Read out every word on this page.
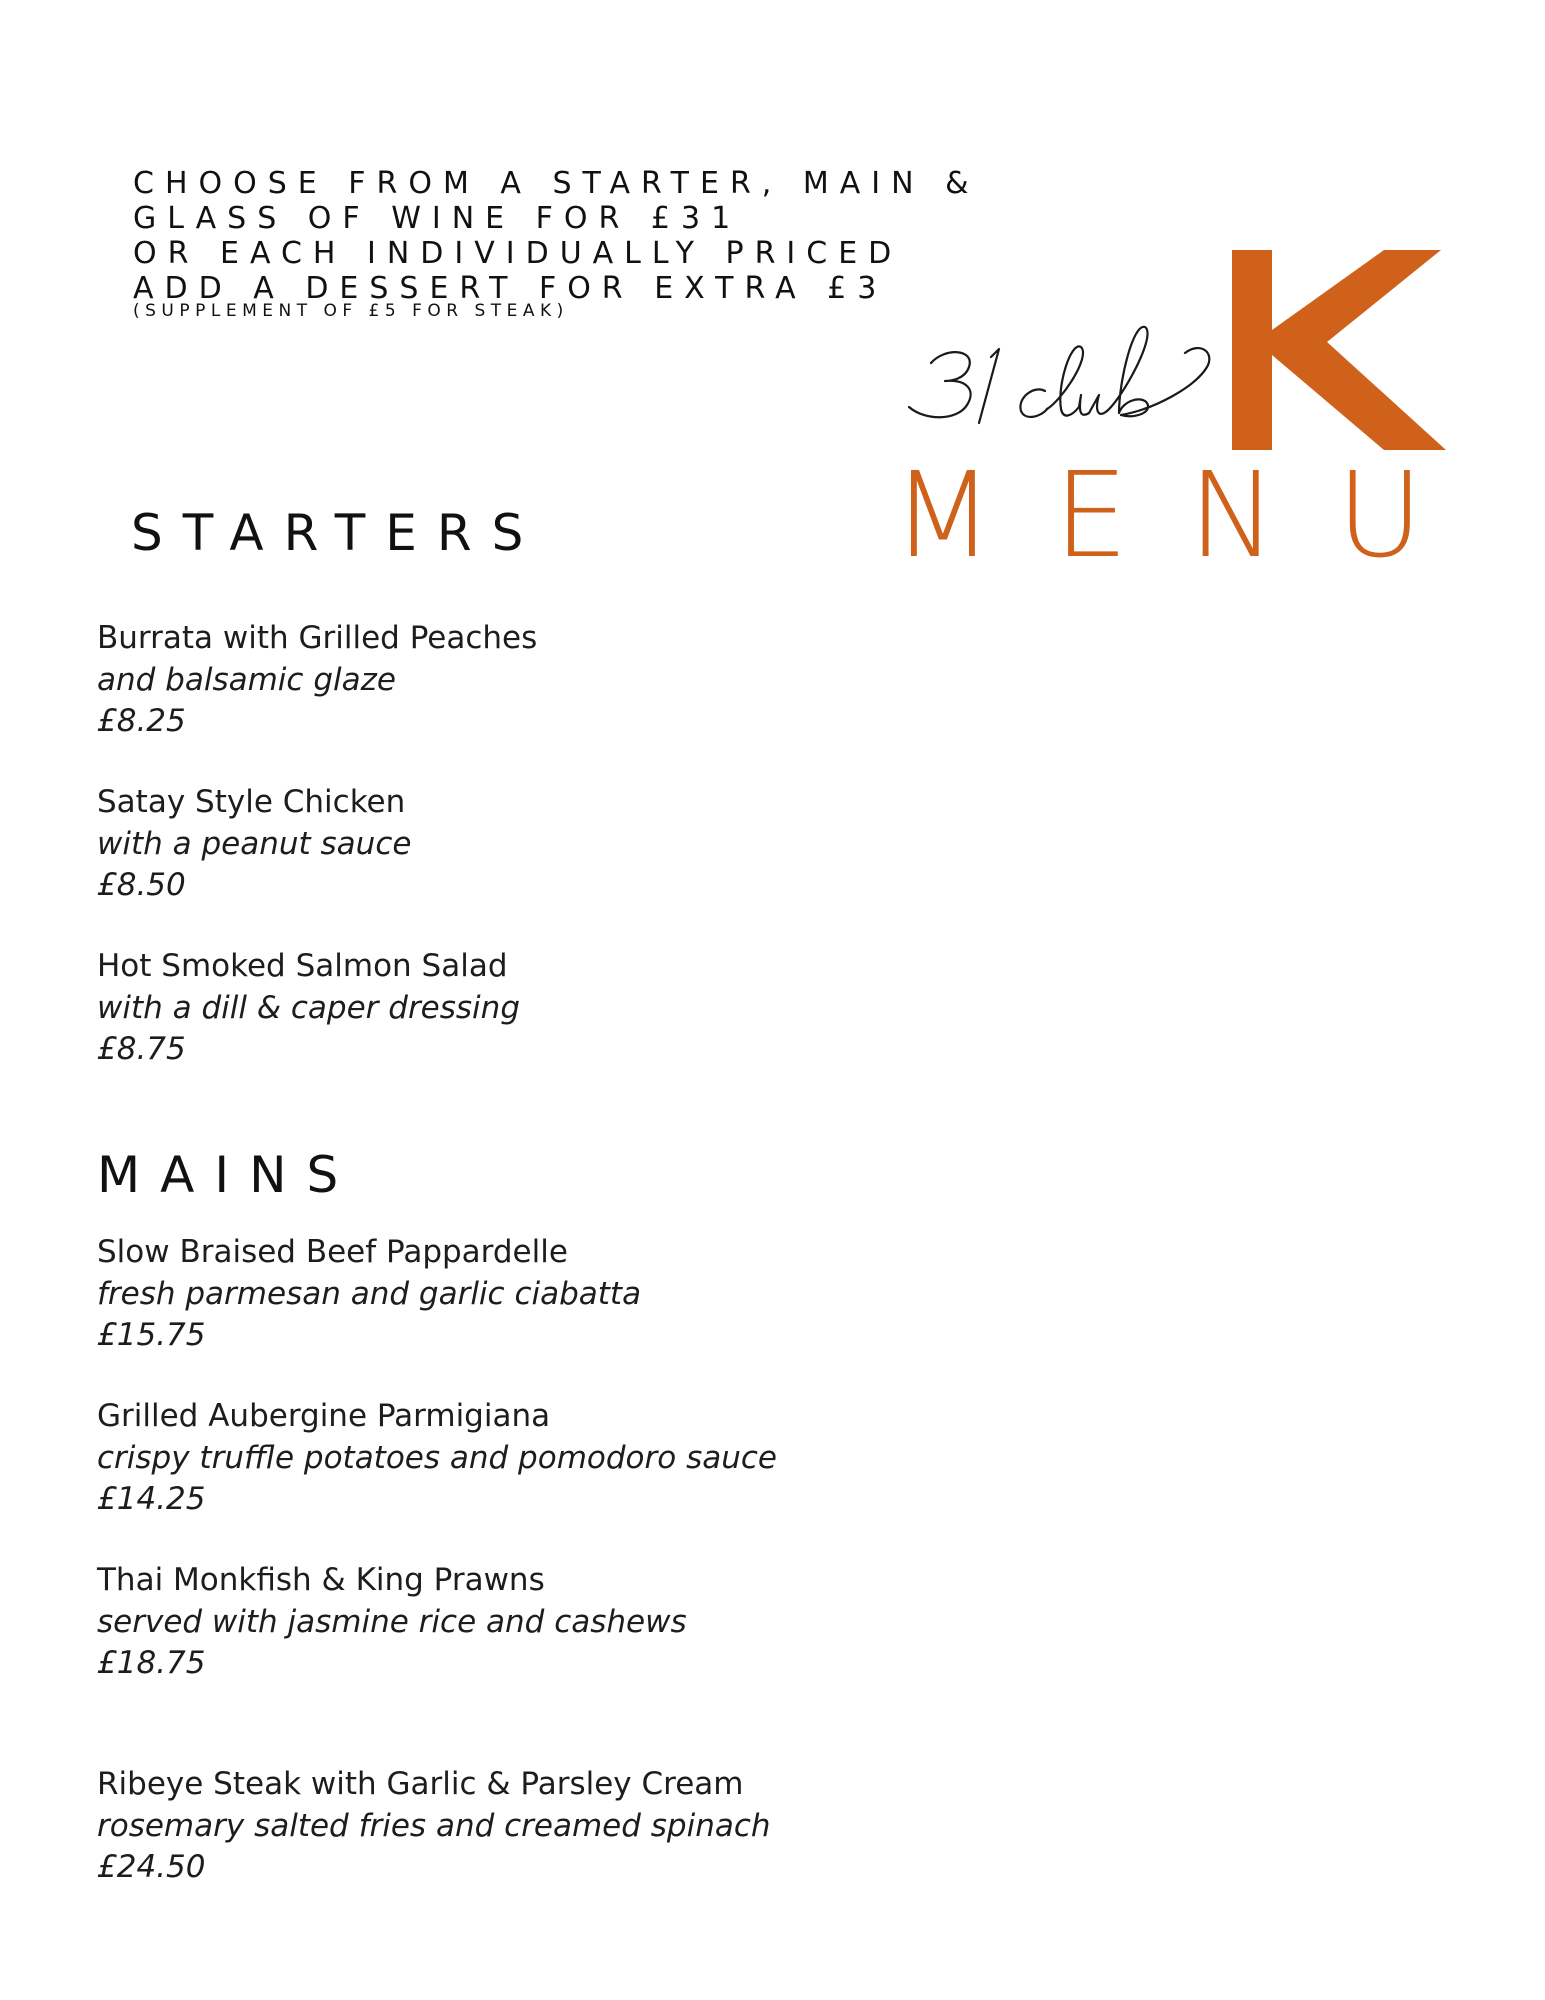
CHOOSE FROM A STARTER, MAIN &
GLASS OF WINE FOR £31
OR EACH INDIVIDUALLY PRICED
ADD A DESSERT FOR EXTRA £3
(SUPPLEMENT OF £5 FOR STEAK)
MENU
STARTERS
Burrata with Grilled Peaches
and balsamic glaze
£8.25
Satay Style Chicken
with a peanut sauce
£8.50
Hot Smoked Salmon Salad
with a dill & caper dressing
£8.75
MAINS
Slow Braised Beef Pappardelle
fresh parmesan and garlic ciabatta
£15.75
Grilled Aubergine Parmigiana
crispy truffle potatoes and pomodoro sauce
£14.25
Thai Monkfish & King Prawns
served with jasmine rice and cashews
£18.75
Ribeye Steak with Garlic & Parsley Cream
rosemary salted fries and creamed spinach
£24.50
